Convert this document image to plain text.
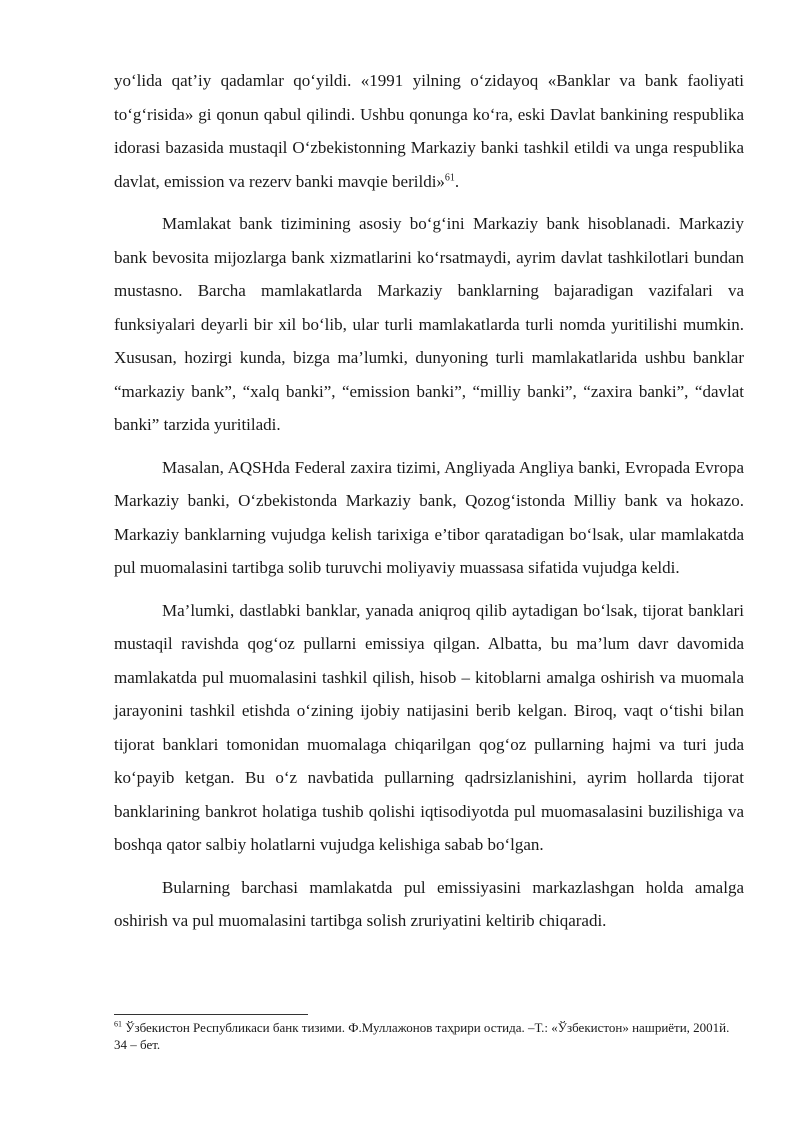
yo‘lida qat’iy qadamlar qo‘yildi. «1991 yilning o‘zidayoq «Banklar va bank faoliyati to‘g‘risida» gi qonun qabul qilindi. Ushbu qonunga ko‘ra, eski Davlat bankining respublika idorasi bazasida mustaqil O‘zbekistonning Markaziy banki tashkil etildi va unga respublika davlat, emission va rezerv banki mavqie berildi»$^{61}$.

Mamlakat bank tizimining asosiy bo‘g‘ini Markaziy bank hisoblanadi. Markaziy bank bevosita mijozlarga bank xizmatlarini ko‘rsatmaydi, ayrim davlat tashkilotlari bundan mustasno. Barcha mamlakatlarda Markaziy banklarning bajaradigan vazifalari va funksiyalari deyarli bir xil bo‘lib, ular turli mamlakatlarda turli nomda yuritilishi mumkin. Xususan, hozirgi kunda, bizga ma’lumki, dunyoning turli mamlakatlarida ushbu banklar “markaziy bank”, “xalq banki”, “emission banki”, “milliy banki”, “zaxira banki”, “davlat banki” tarzida yuritiladi.

Masalan, AQSHda Federal zaxira tizimi, Angliyada Angliya banki, Evropada Evropa Markaziy banki, O‘zbekistonda Markaziy bank, Qozog‘istonda Milliy bank va hokazo. Markaziy banklarning vujudga kelish tarixiga e’tibor qaratadigan bo‘lsak, ular mamlakatda pul muomalasini tartibga solib turuvchi moliyaviy muassasa sifatida vujudga keldi.

Ma’lumki, dastlabki banklar, yanada aniqroq qilib aytadigan bo‘lsak, tijorat banklari mustaqil ravishda qog‘oz pullarni emissiya qilgan. Albatta, bu ma’lum davr davomida mamlakatda pul muomalasini tashkil qilish, hisob – kitoblarni amalga oshirish va muomala jarayonini tashkil etishda o‘zining ijobiy natijasini berib kelgan. Biroq, vaqt o‘tishi bilan tijorat banklari tomonidan muomalaga chiqarilgan qog‘oz pullarning hajmi va turi juda ko‘payib ketgan. Bu o‘z navbatida pullarning qadrsizlanishini, ayrim hollarda tijorat banklarining bankrot holatiga tushib qolishi iqtisodiyotda pul muomasalasini buzilishiga va boshqa qator salbiy holatlarni vujudga kelishiga sabab bo‘lgan.

Bularning barchasi mamlakatda pul emissiyasini markazlashgan holda amalga oshirish va pul muomalasini tartibga solish zruriyatini keltirib chiqaradi.

$^{61}$ Ўзбекистон Республикаси банк тизими. Ф.Муллажонов таҳрири остида. –Т.: «Ўзбекистон» нашриёти, 2001й. 34 – бет.
